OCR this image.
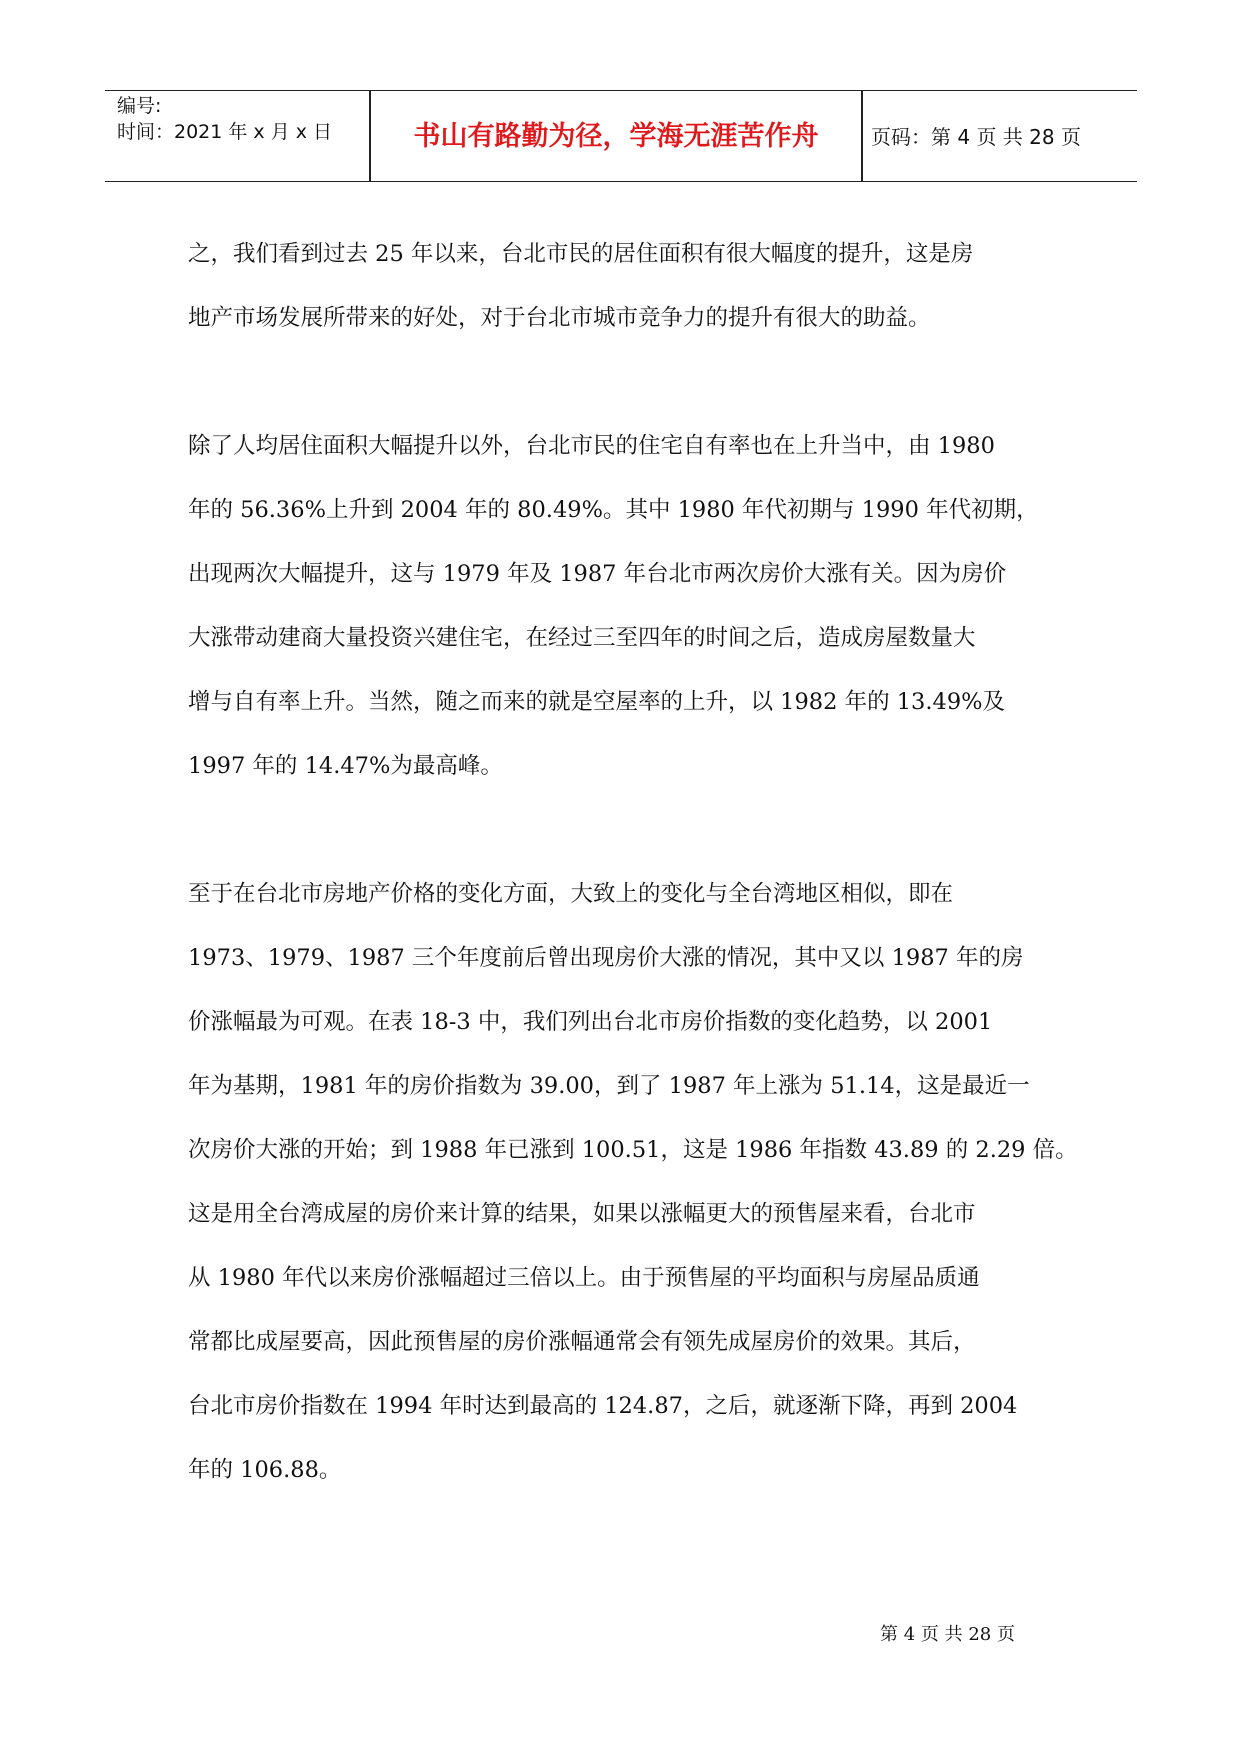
编号:
时间：2021 年 x 月 x 日	书山有路勤为径，学海无涯苦作舟	页码：第 4 页 共 28 页
之，我们看到过去 25 年以来，台北市民的居住面积有很大幅度的提升，这是房
地产市场发展所带来的好处，对于台北市城市竞争力的提升有很大的助益。
除了人均居住面积大幅提升以外，台北市民的住宅自有率也在上升当中，由 1980
年的 56.36%上升到 2004 年的 80.49%。其中 1980 年代初期与 1990 年代初期，
出现两次大幅提升，这与 1979 年及 1987 年台北市两次房价大涨有关。因为房价
大涨带动建商大量投资兴建住宅，在经过三至四年的时间之后，造成房屋数量大
增与自有率上升。当然，随之而来的就是空屋率的上升，以 1982 年的 13.49%及
1997 年的 14.47%为最高峰。
至于在台北市房地产价格的变化方面，大致上的变化与全台湾地区相似，即在
1973、1979、1987 三个年度前后曾出现房价大涨的情况，其中又以 1987 年的房
价涨幅最为可观。在表 18-3 中，我们列出台北市房价指数的变化趋势，以 2001
年为基期，1981 年的房价指数为 39.00，到了 1987 年上涨为 51.14，这是最近一
次房价大涨的开始；到 1988 年已涨到 100.51，这是 1986 年指数 43.89 的 2.29 倍。
这是用全台湾成屋的房价来计算的结果，如果以涨幅更大的预售屋来看，台北市
从 1980 年代以来房价涨幅超过三倍以上。由于预售屋的平均面积与房屋品质通
常都比成屋要高，因此预售屋的房价涨幅通常会有领先成屋房价的效果。其后，
台北市房价指数在 1994 年时达到最高的 124.87，之后，就逐渐下降，再到 2004
年的 106.88。
第 4 页 共 28 页
